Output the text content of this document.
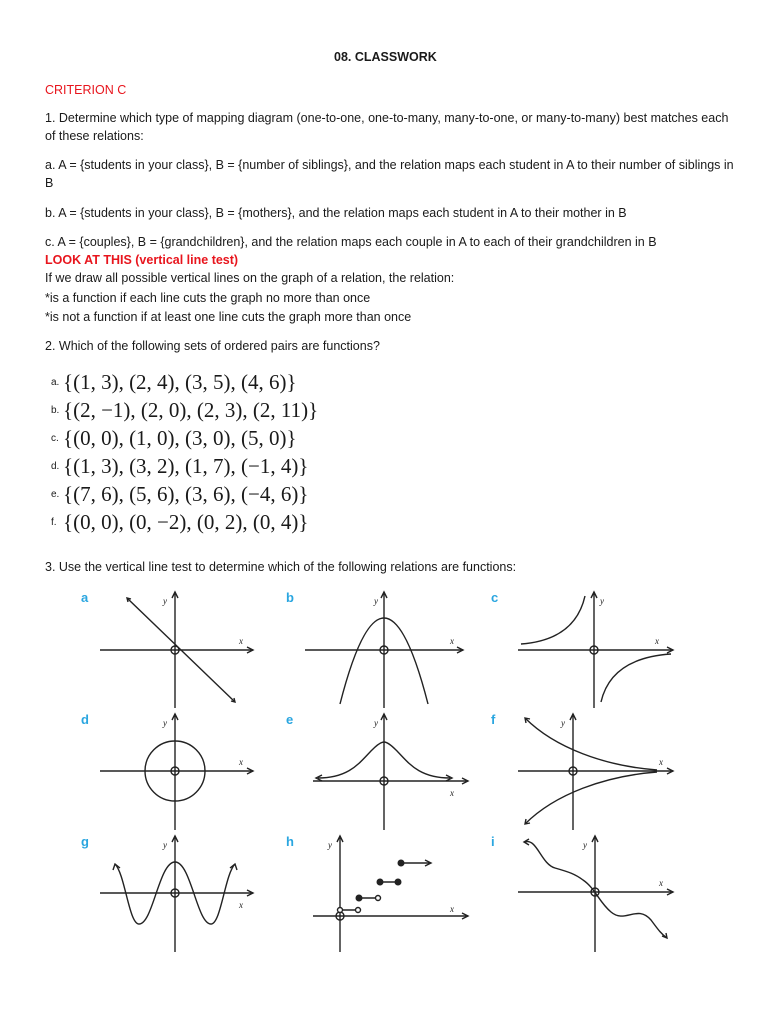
08. CLASSWORK
CRITERION C
1. Determine which type of mapping diagram (one-to-one, one-to-many, many-to-one, or many-to-many) best matches each of these relations:
a. A = {students in your class}, B = {number of siblings}, and the relation maps each student in A to their number of siblings in B
b. A = {students in your class}, B = {mothers}, and the relation maps each student in A to their mother in B
c. A = {couples}, B = {grandchildren}, and the relation maps each couple in A to each of their grandchildren in B
LOOK AT THIS (vertical line test)
If we draw all possible vertical lines on the graph of a relation, the relation:
*is a function if each line cuts the graph no more than once
*is not a function if at least one line cuts the graph more than once
2. Which of the following sets of ordered pairs are functions?
a. {(1, 3), (2, 4), (3, 5), (4, 6)}
b. {(2, −1), (2, 0), (2, 3), (2, 11)}
c. {(0, 0), (1, 0), (3, 0), (5, 0)}
d. {(1, 3), (3, 2), (1, 7), (−1, 4)}
e. {(7, 6), (5, 6), (3, 6), (−4, 6)}
f. {(0, 0), (0, −2), (0, 2), (0, 4)}
3. Use the vertical line test to determine which of the following relations are functions:
a	b	c
d	e	f
g	h	i
y
x
y
x
y
x
y
x
y
x
y
x
y
x
y
x
y
x
